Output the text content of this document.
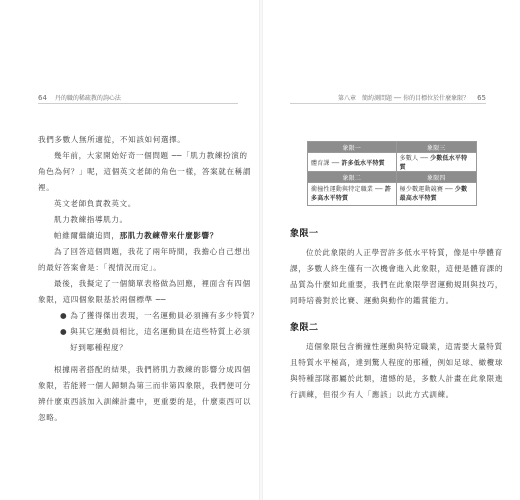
64 丹的職的稀疏教的詢心法
我們多數人無所適從，不知該如何選擇。
幾年前，大家開始好奇一個問題 ──「肌力教練扮演的
角色為何？」呢，這個英文老師的角色一樣，答案就在稱謂
裡。
英文老師負責教英文。
肌力教練指導肌力。
帕維爾繼續追問，那肌力教練帶來什麼影響？
為了回答這個問題，我花了兩年時間，我擔心自己想出
的最好答案會是：「視情況而定」。
最後，我擬定了一個簡單表格做為回應，裡面含有四個
象限，這四個象限基於兩個標準 ──
● 為了獲得傑出表現，一名運動員必須擁有多少特質？
● 與其它運動員相比，這名運動員在這些特質上必須
好到哪種程度？
根據兩者搭配的結果，我們將肌力教練的影響分成四個
象限，若能將一個人歸類為第三而非第四象限，我們便可分
辨什麼東西該加入訓練計畫中，更重要的是，什麼東西可以
忽略。
第八章　簡約測問題 ── 你的目標位於什麼象限？ 65
象限一	象限三
體育課 ── 許多低水平特質	多數人 ── 少數低水平特質
象限二	象限四
衝撞性運動與特定職業 ── 許多高水平特質	極少數運動競賽 ── 少數最高水平特質
象限一
位於此象限的人正學習許多低水平特質，像是中學體育
課，多數人終生僅有一次機會進入此象限，這便是體育課的
品質為什麼如此重要，我們在此象限學習運動規則與技巧，
同時培養對於比賽、運動與動作的鑑賞能力。
象限二
這個象限包含衝撞性運動與特定職業，這需要大量特質
且特質水平極高，達到驚人程度的那種，例如足球、橄欖球
與特種部隊都屬於此類，遺憾的是，多數人計畫在此象限進
行訓練，但很少有人「應該」以此方式訓練。
